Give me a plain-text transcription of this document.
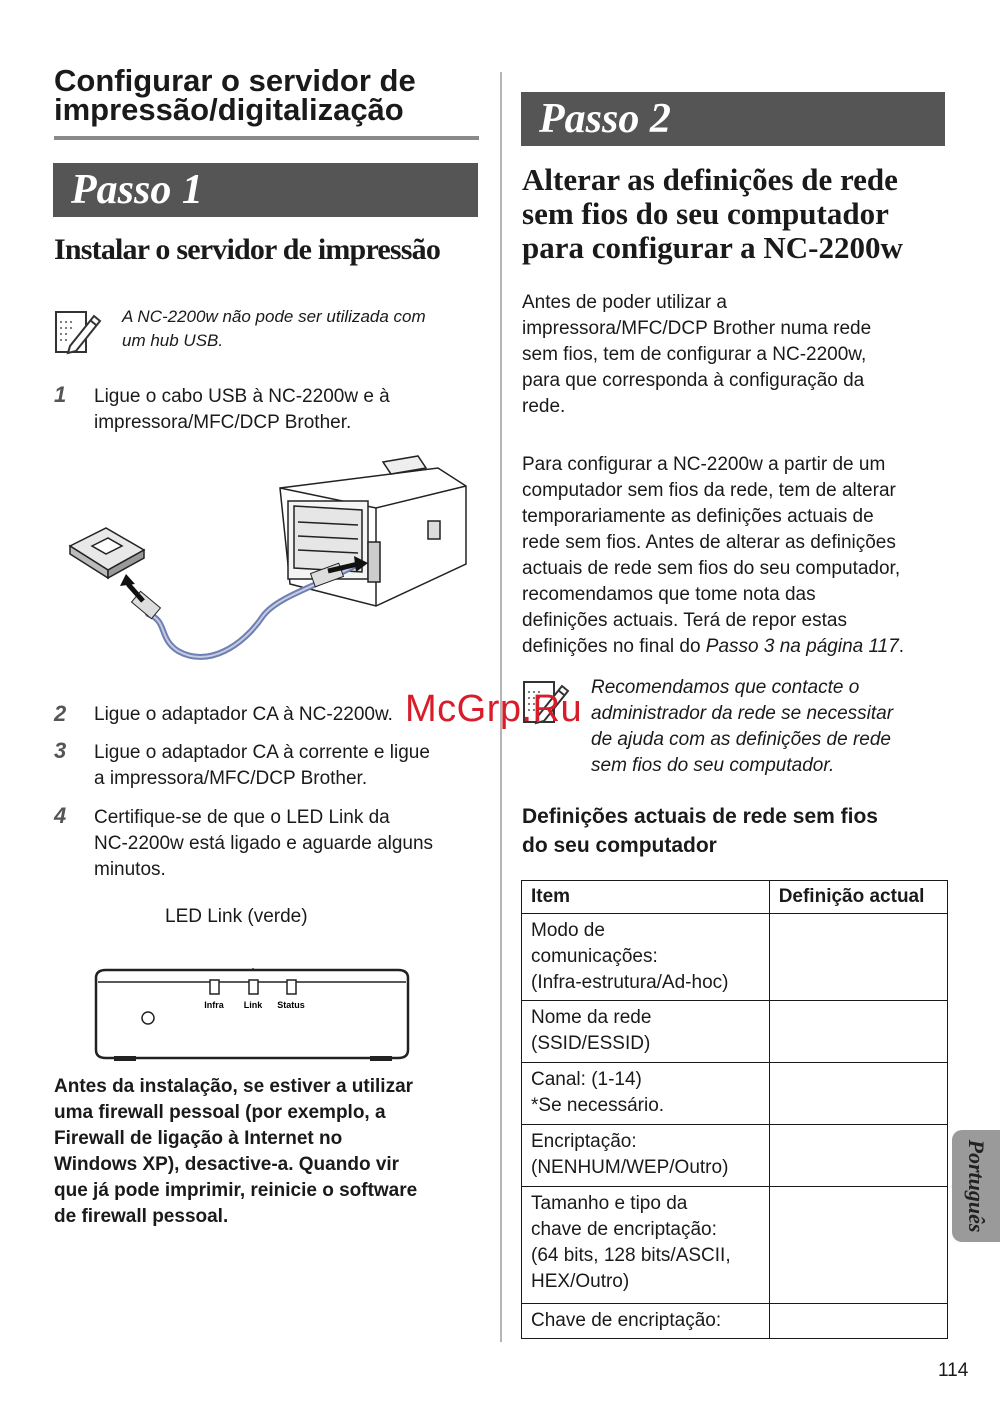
Configurar o servidor de
impressão/digitalização
Passo 1
Instalar o servidor de impressão
A NC-2200w não pode ser utilizada com
um hub USB.
1 Ligue o cabo USB à NC-2200w e à
impressora/MFC/DCP Brother.
2 Ligue o adaptador CA à NC-2200w.
3 Ligue o adaptador CA à corrente e ligue
a impressora/MFC/DCP Brother.
4 Certifique-se de que o LED Link da
NC-2200w está ligado e aguarde alguns
minutos.
LED Link (verde)
Infra Link Status
Antes da instalação, se estiver a utilizar
uma firewall pessoal (por exemplo, a
Firewall de ligação à Internet no
Windows XP), desactive-a. Quando vir
que já pode imprimir, reinicie o software
de firewall pessoal.
Passo 2
Alterar as definições de rede
sem fios do seu computador
para configurar a NC-2200w
Antes de poder utilizar a
impressora/MFC/DCP Brother numa rede
sem fios, tem de configurar a NC-2200w,
para que corresponda à configuração da
rede.
Para configurar a NC-2200w a partir de um
computador sem fios da rede, tem de alterar
temporariamente as definições actuais de
rede sem fios. Antes de alterar as definições
actuais de rede sem fios do seu computador,
recomendamos que tome nota das
definições actuais. Terá de repor estas
definições no final do Passo 3 na página 117.
Recomendamos que contacte o
administrador da rede se necessitar
de ajuda com as definições de rede
sem fios do seu computador.
McGrp.Ru
Definições actuais de rede sem fios
do seu computador
Item	Definição actual

Modo de
comunicações:
(Infra-estrutura/Ad-hoc)	

Nome da rede
(SSID/ESSID)	

Canal: (1-14)
*Se necessário.	

Encriptação:
(NENHUM/WEP/Outro)	

Tamanho e tipo da
chave de encriptação:
(64 bits, 128 bits/ASCII,
HEX/Outro)	

Chave de encriptação:	

Português
114
